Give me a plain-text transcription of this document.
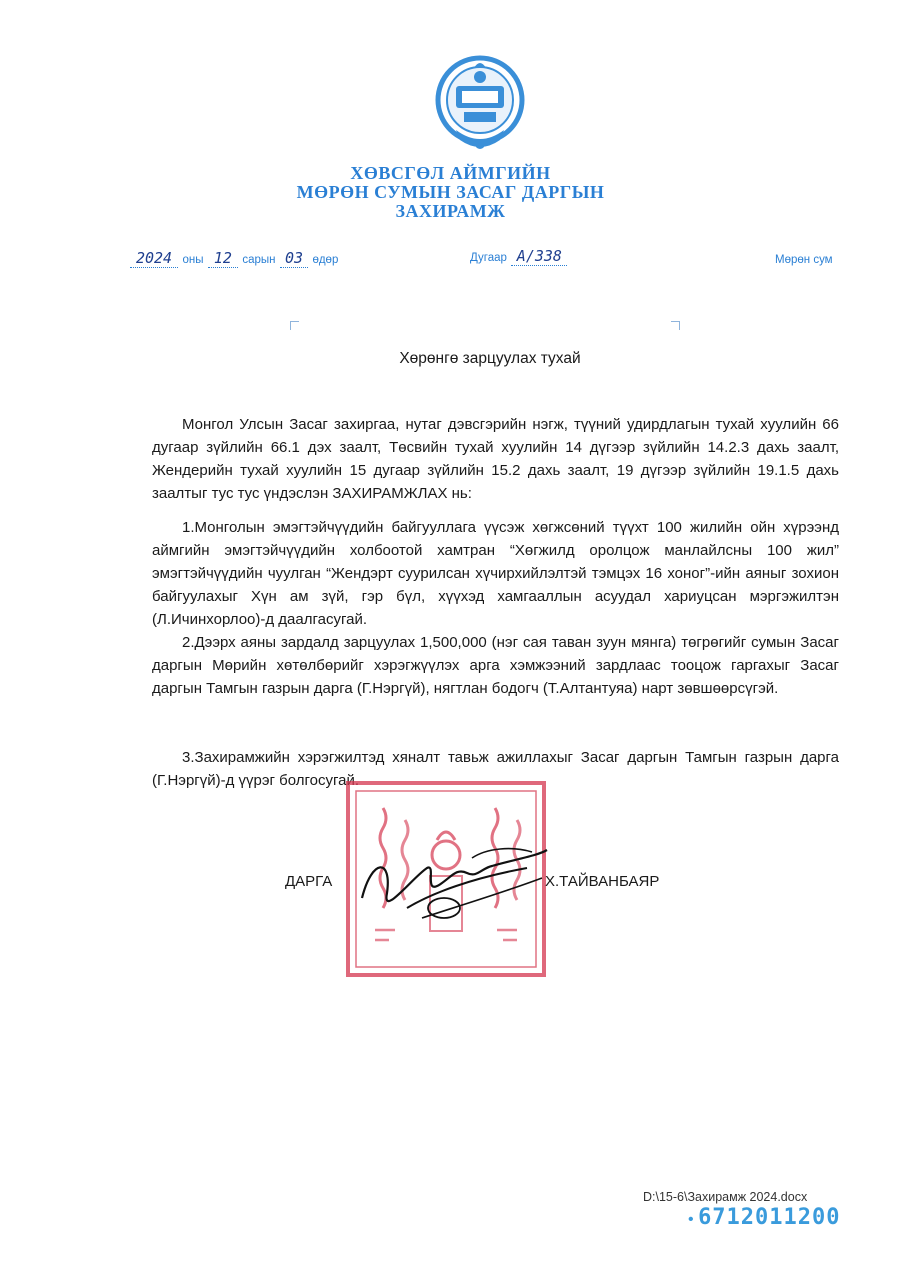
ХӨВСГӨЛ АЙМГИЙН
МӨРӨН СУМЫН ЗАСАГ ДАРГЫН
ЗАХИРАМЖ
2024 оны 12 сарын 03 өдөр	Дугаар А/338	Мөрөн сум
Хөрөнгө зарцуулах тухай
Монгол Улсын Засаг захиргаа, нутаг дэвсгэрийн нэгж, түүний удирдлагын тухай хуулийн 66 дугаар зүйлийн 66.1 дэх заалт, Төсвийн тухай хуулийн 14 дүгээр зүйлийн 14.2.3 дахь заалт, Жендерийн тухай хуулийн 15 дугаар зүйлийн 15.2 дахь заалт, 19 дүгээр зүйлийн 19.1.5 дахь заалтыг тус тус үндэслэн ЗАХИРАМЖЛАХ нь:
1.Монголын эмэгтэйчүүдийн байгууллага үүсэж хөгжсөний түүхт 100 жилийн ойн хүрээнд аймгийн эмэгтэйчүүдийн холбоотой хамтран “Хөгжилд оролцож манлайлсны 100 жил” эмэгтэйчүүдийн чуулган “Жендэрт суурилсан хүчирхийлэлтэй тэмцэх 16 хоног”-ийн аяныг зохион байгуулахыг Хүн ам зүй, гэр бүл, хүүхэд хамгааллын асуудал хариуцсан мэргэжилтэн (Л.Ичинхорлоо)-д даалгасугай.
2.Дээрх аяны зардалд зарцуулах 1,500,000 (нэг сая таван зуун мянга) төгрөгийг сумын Засаг даргын Мөрийн хөтөлбөрийг хэрэгжүүлэх арга хэмжээний зардлаас тооцож гаргахыг Засаг даргын Тамгын газрын дарга (Г.Нэргүй), нягтлан бодогч (Т.Алтантуяа) нарт зөвшөөрсүгэй.
3.Захирамжийн хэрэгжилтэд хяналт тавьж ажиллахыг Засаг даргын Тамгын газрын дарга (Г.Нэргүй)-д үүрэг болгосугай.
ДАРГА	Х.ТАЙВАНБАЯР
D:\15-6\Захирамж 2024.docx
• 6712011200
